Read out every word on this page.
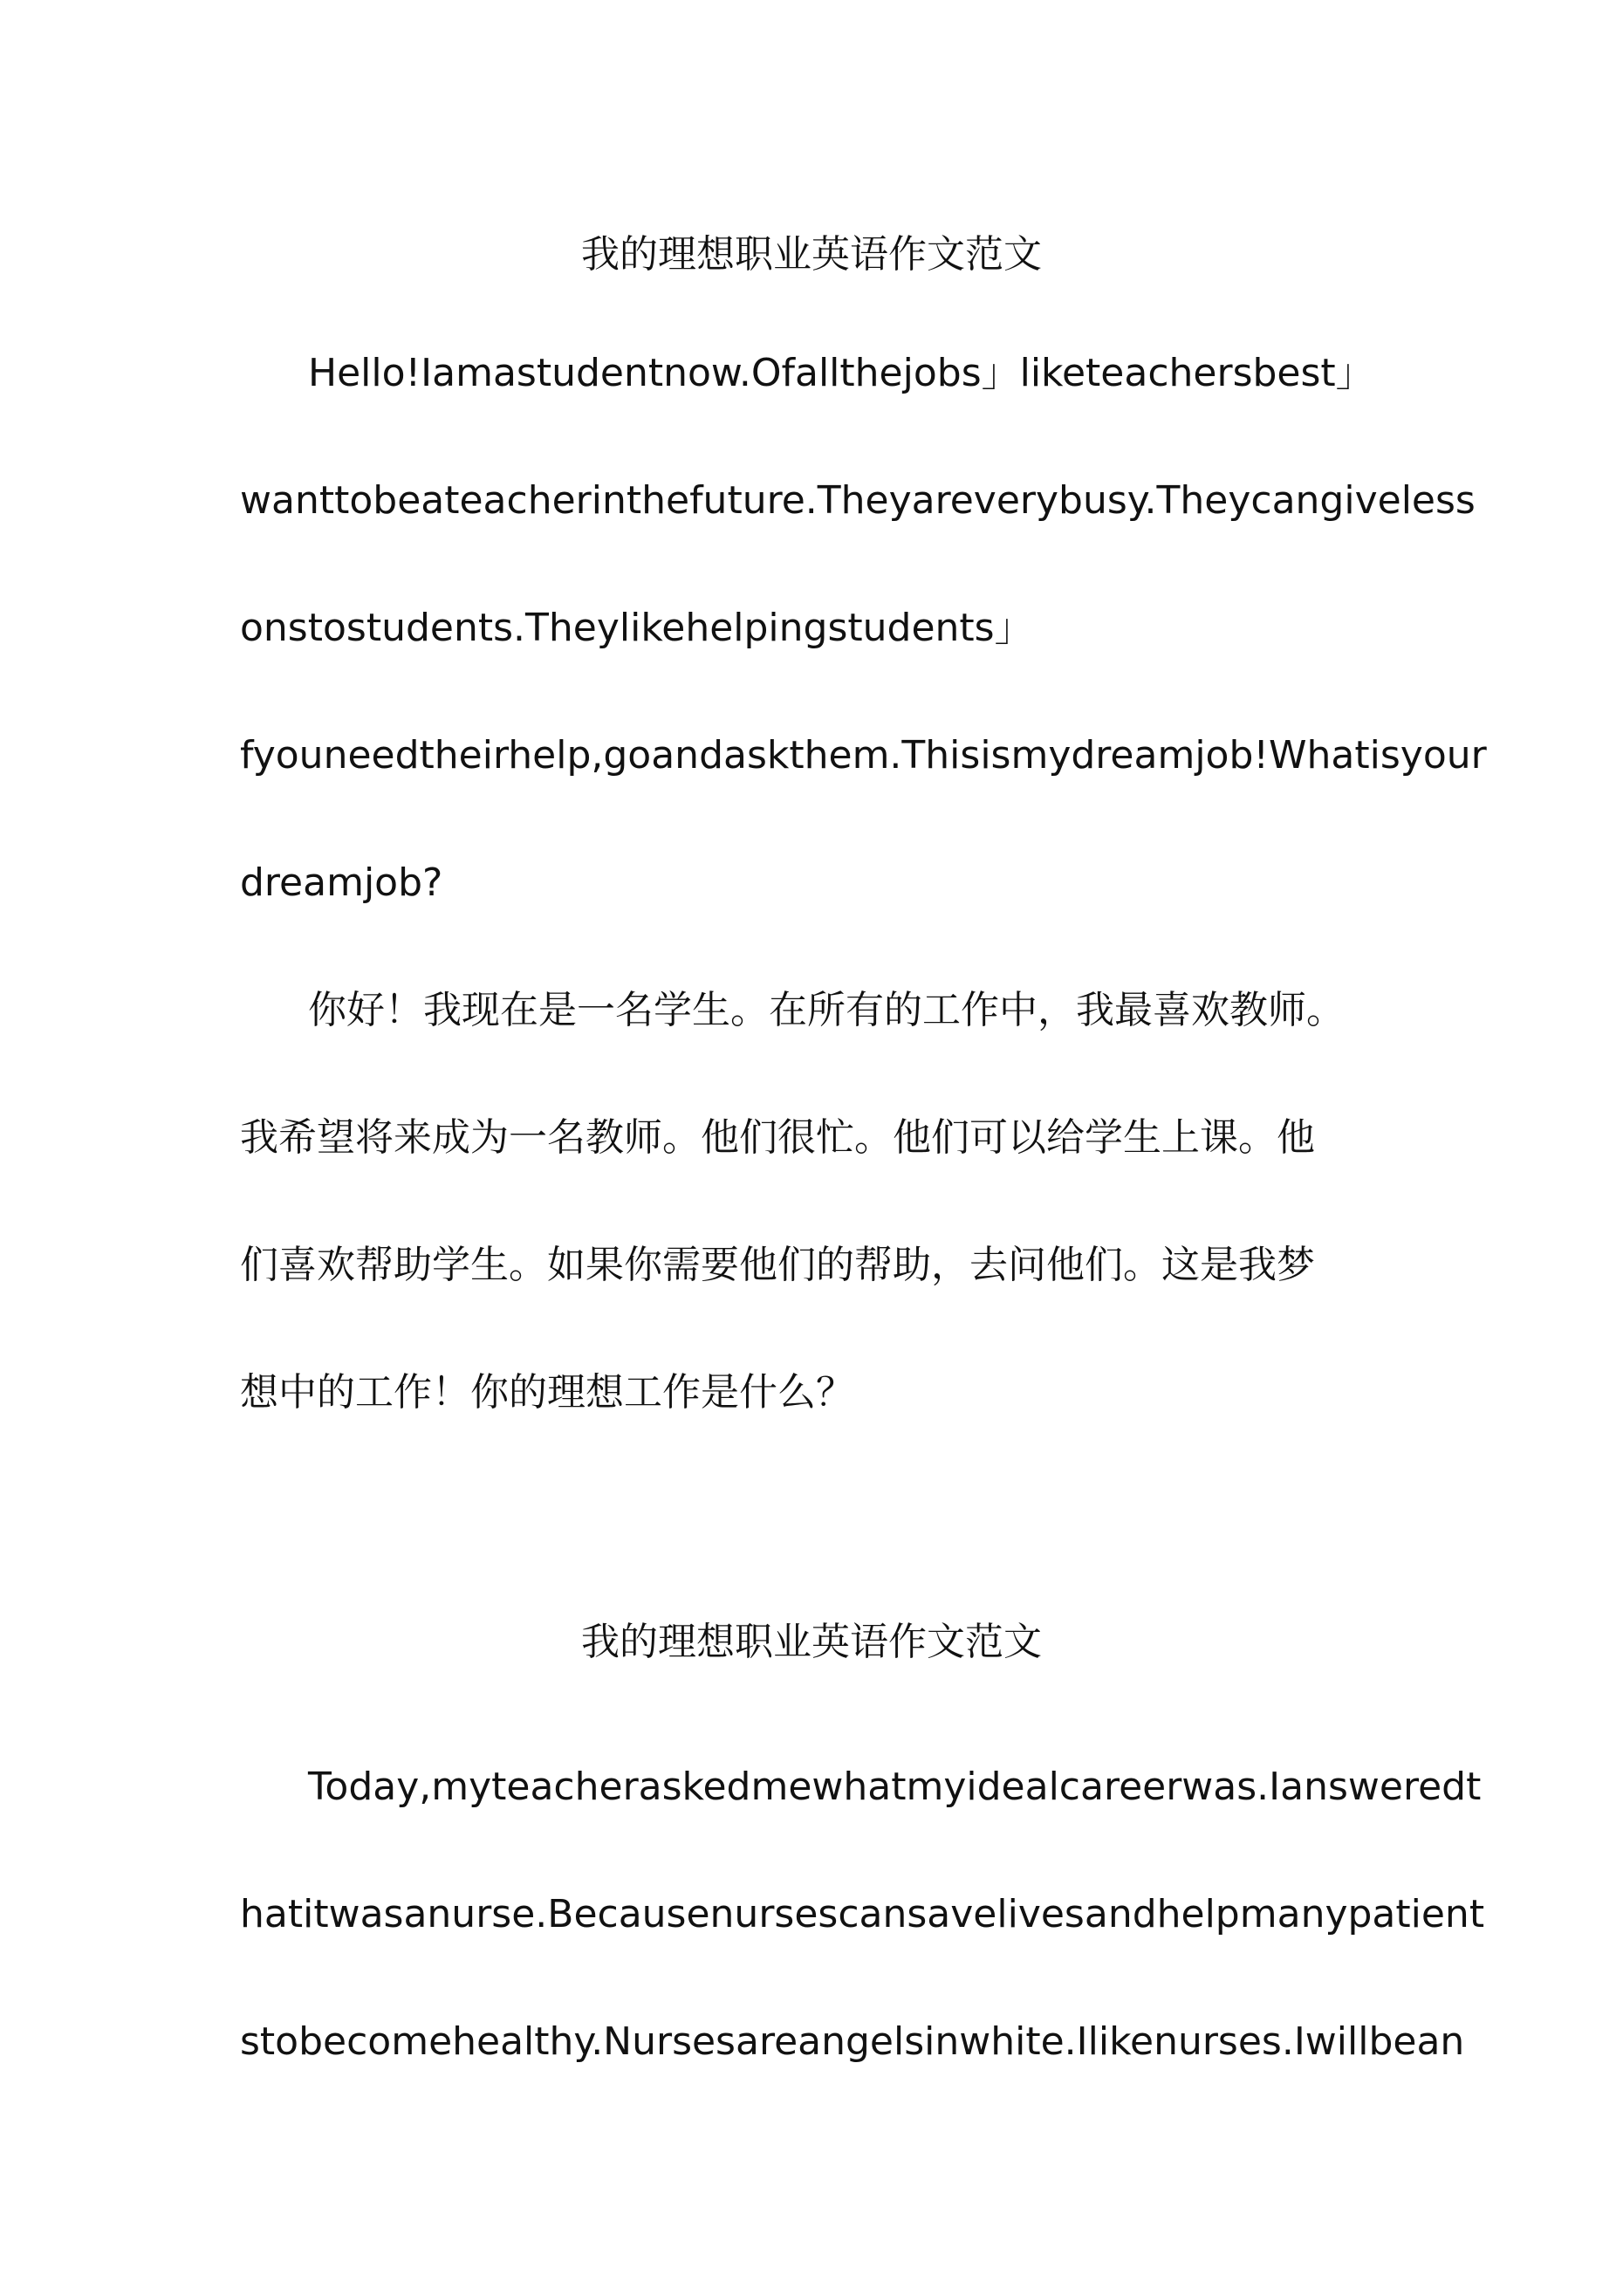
我的理想职业英语作文范文
Hello!Iamastudentnow.Ofallthejobs」liketeachersbest」
wanttobeateacherinthefuture.Theyareverybusy.Theycangiveless
onstostudents.Theylikehelpingstudents」
fyouneedtheirhelp,goandaskthem.Thisismydreamjob!Whatisyour
dreamjob?
你好！我现在是一名学生。在所有的工作中，我最喜欢教师。
我希望将来成为一名教师。他们很忙。他们可以给学生上课。他
们喜欢帮助学生。如果你需要他们的帮助，去问他们。这是我梦
想中的工作！你的理想工作是什么？
我的理想职业英语作文范文
Today,myteacheraskedmewhatmyidealcareerwas.Iansweredt
hatitwasanurse.Becausenursescansavelivesandhelpmanypatient
stobecomehealthy.Nursesareangelsinwhite.Ilikenurses.Iwillbean
